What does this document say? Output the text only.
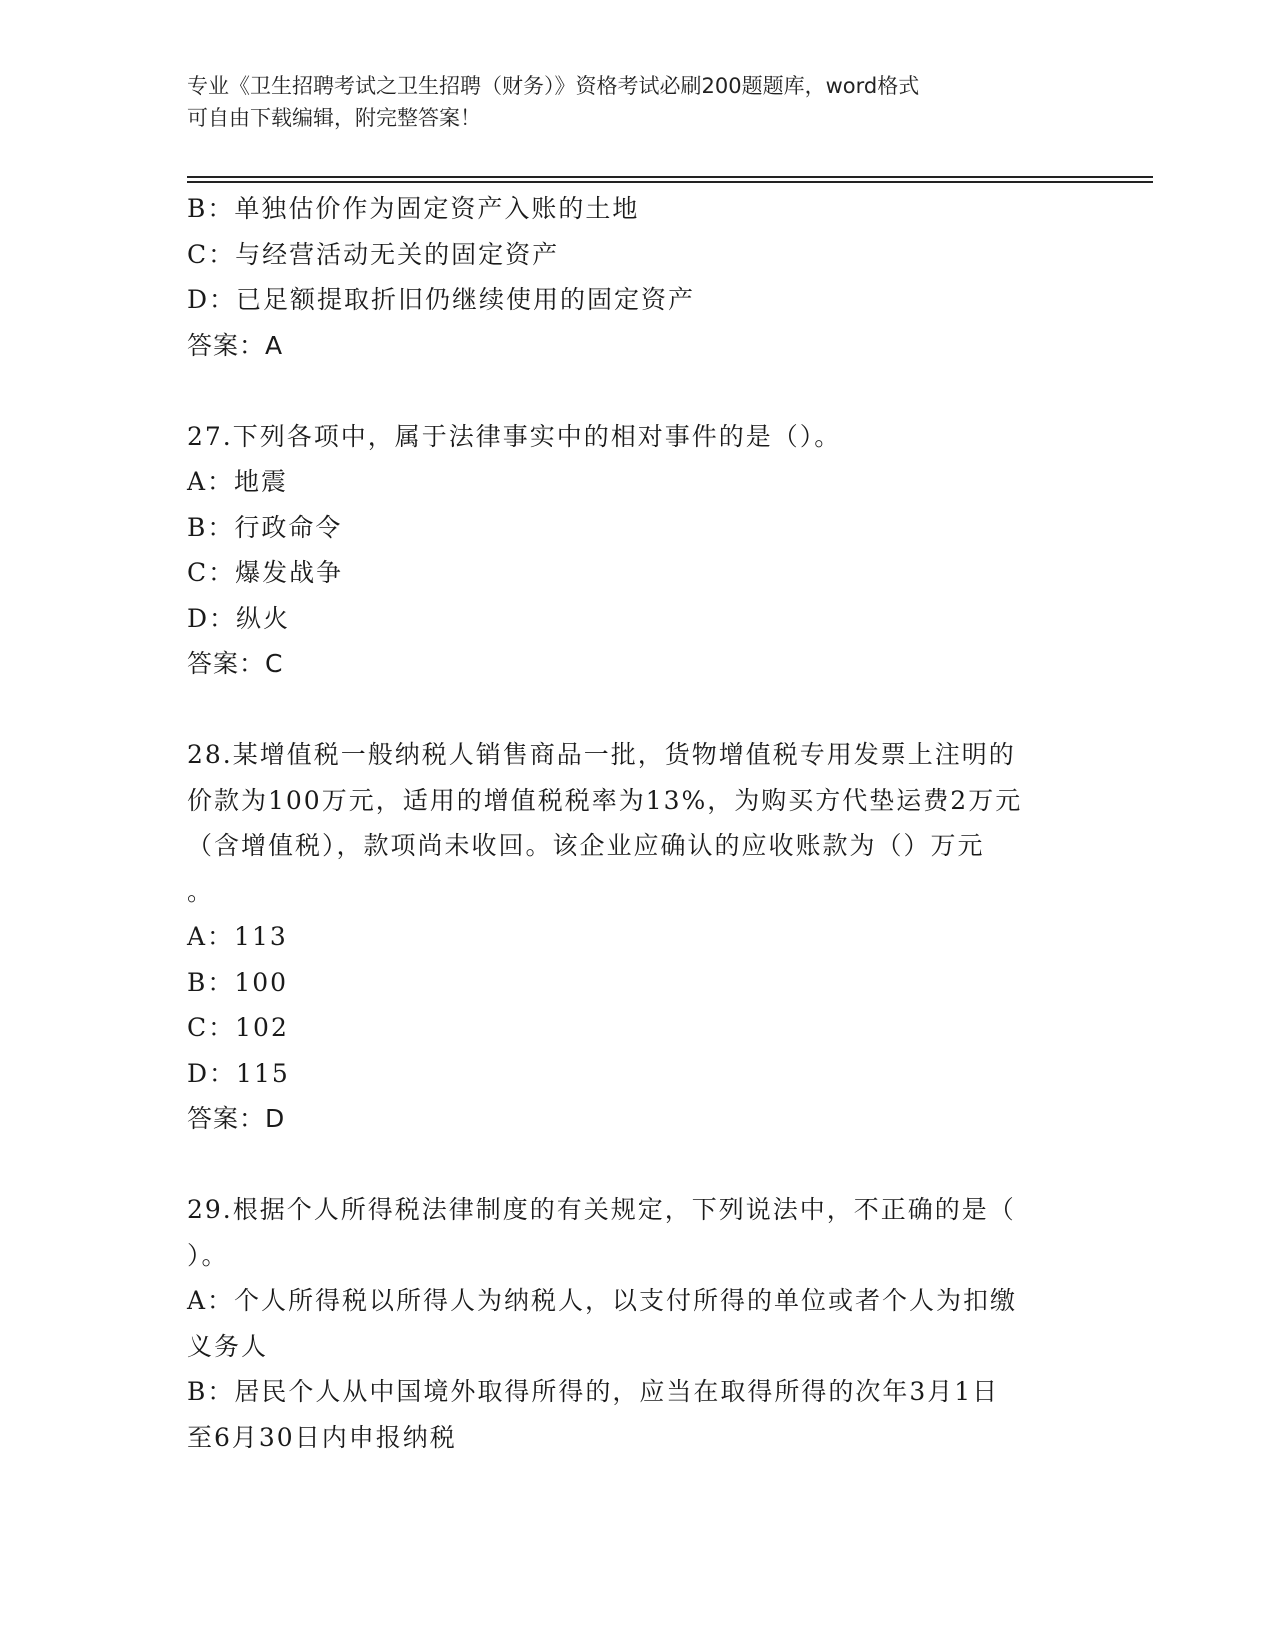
专业《卫生招聘考试之卫生招聘（财务）》资格考试必刷200题题库，word格式
可自由下载编辑，附完整答案！
B：单独估价作为固定资产入账的土地
C：与经营活动无关的固定资产
D：已足额提取折旧仍继续使用的固定资产
答案：A
27.下列各项中，属于法律事实中的相对事件的是（）。
A：地震
B：行政命令
C：爆发战争
D：纵火
答案：C
28.某增值税一般纳税人销售商品一批，货物增值税专用发票上注明的
价款为100万元，适用的增值税税率为13%，为购买方代垫运费2万元
（含增值税），款项尚未收回。该企业应确认的应收账款为（）万元
。
A：113
B：100
C：102
D：115
答案：D
29.根据个人所得税法律制度的有关规定，下列说法中，不正确的是（
）。
A：个人所得税以所得人为纳税人，以支付所得的单位或者个人为扣缴
义务人
B：居民个人从中国境外取得所得的，应当在取得所得的次年3月1日
至6月30日内申报纳税
